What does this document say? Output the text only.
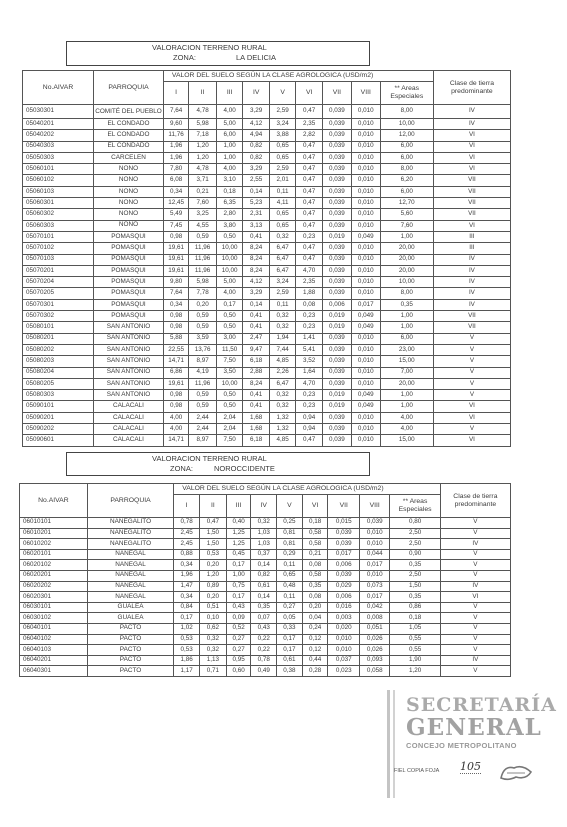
VALORACION TERRENO RURAL
ZONA:	LA DELICIA
No.AIVAR	PARROQUIA	VALOR DEL SUELO SEGÚN LA CLASE AGROLOGICA (USD/m2)									Clase de tierra predominante
		I	II	III	IV	V	VI	VII	VIII	** Areas Especiales	
05030301	COMITÉ DEL PUEBLO	7,64	4,78	4,00	3,29	2,59	0,47	0,039	0,010	8,00	IV
05040201	EL CONDADO	9,60	5,98	5,00	4,12	3,24	2,35	0,039	0,010	10,00	IV
05040202	EL CONDADO	11,76	7,18	6,00	4,94	3,88	2,82	0,039	0,010	12,00	VI
05040303	EL CONDADO	1,96	1,20	1,00	0,82	0,65	0,47	0,039	0,010	6,00	VI
05050303	CARCELEN	1,96	1,20	1,00	0,82	0,65	0,47	0,039	0,010	6,00	VI
05060101	NONO	7,80	4,78	4,00	3,29	2,59	0,47	0,039	0,010	8,00	VI
05060102	NONO	6,08	3,71	3,10	2,55	2,01	0,47	0,039	0,010	6,20	VII
05060103	NONO	0,34	0,21	0,18	0,14	0,11	0,47	0,039	0,010	6,00	VII
05060301	NONO	12,45	7,60	6,35	5,23	4,11	0,47	0,039	0,010	12,70	VII
05060302	NONO	5,49	3,25	2,80	2,31	0,65	0,47	0,039	0,010	5,60	VII
05060303	NONO	7,45	4,55	3,80	3,13	0,65	0,47	0,039	0,010	7,60	VI
05070101	POMASQUI	0,98	0,59	0,50	0,41	0,32	0,23	0,019	0,049	1,00	III
05070102	POMASQUI	19,61	11,96	10,00	8,24	6,47	0,47	0,039	0,010	20,00	III
05070103	POMASQUI	19,61	11,96	10,00	8,24	6,47	0,47	0,039	0,010	20,00	IV
05070201	POMASQUI	19,61	11,96	10,00	8,24	6,47	4,70	0,039	0,010	20,00	IV
05070204	POMASQUI	9,80	5,98	5,00	4,12	3,24	2,35	0,039	0,010	10,00	IV
05070205	POMASQUI	7,64	7,78	4,00	3,29	2,59	1,88	0,039	0,010	8,00	IV
05070301	POMASQUI	0,34	0,20	0,17	0,14	0,11	0,08	0,006	0,017	0,35	IV
05070302	POMASQUI	0,98	0,59	0,50	0,41	0,32	0,23	0,019	0,049	1,00	VII
05080101	SAN ANTONIO	0,98	0,59	0,50	0,41	0,32	0,23	0,019	0,049	1,00	VII
05080201	SAN ANTONIO	5,88	3,59	3,00	2,47	1,94	1,41	0,039	0,010	6,00	V
05080202	SAN ANTONIO	22,55	13,76	11,50	9,47	7,44	5,41	0,039	0,010	23,00	V
05080203	SAN ANTONIO	14,71	8,97	7,50	6,18	4,85	3,52	0,039	0,010	15,00	V
05080204	SAN ANTONIO	6,86	4,19	3,50	2,88	2,26	1,64	0,039	0,010	7,00	V
05080205	SAN ANTONIO	19,61	11,96	10,00	8,24	6,47	4,70	0,039	0,010	20,00	V
05080303	SAN ANTONIO	0,98	0,59	0,50	0,41	0,32	0,23	0,019	0,049	1,00	V
05090101	CALACALI	0,98	0,59	0,50	0,41	0,32	0,23	0,019	0,049	1,00	VI
05090201	CALACALI	4,00	2,44	2,04	1,68	1,32	0,94	0,039	0,010	4,00	VI
05090202	CALACALI	4,00	2,44	2,04	1,68	1,32	0,94	0,039	0,010	4,00	V
05090601	CALACALI	14,71	8,97	7,50	6,18	4,85	0,47	0,039	0,010	15,00	VI
VALORACION TERRENO RURAL
ZONA:	NOROCCIDENTE
No.AIVAR	PARROQUIA	VALOR DEL SUELO SEGÚN LA CLASE AGROLOGICA (USD/m2)									Clase de tierra predominante
		I	II	III	IV	V	VI	VII	VIII	** Areas Especiales	
06010101	NANEGALITO	0,78	0,47	0,40	0,32	0,25	0,18	0,015	0,039	0,80	V
06010201	NANEGALITO	2,45	1,50	1,25	1,03	0,81	0,58	0,039	0,010	2,50	V
06010202	NANEGALITO	2,45	1,50	1,25	1,03	0,81	0,58	0,039	0,010	2,50	IV
06020101	NANEGAL	0,88	0,53	0,45	0,37	0,29	0,21	0,017	0,044	0,90	V
06020102	NANEGAL	0,34	0,20	0,17	0,14	0,11	0,08	0,006	0,017	0,35	V
06020201	NANEGAL	1,96	1,20	1,00	0,82	0,65	0,58	0,039	0,010	2,50	V
06020202	NANEGAL	1,47	0,89	0,75	0,61	0,48	0,35	0,029	0,073	1,50	IV
06020301	NANEGAL	0,34	0,20	0,17	0,14	0,11	0,08	0,006	0,017	0,35	VI
06030101	GUALEA	0,84	0,51	0,43	0,35	0,27	0,20	0,016	0,042	0,86	V
06030102	GUALEA	0,17	0,10	0,09	0,07	0,05	0,04	0,003	0,008	0,18	V
06040101	PACTO	1,02	0,62	0,52	0,43	0,33	0,24	0,020	0,051	1,05	V
06040102	PACTO	0,53	0,32	0,27	0,22	0,17	0,12	0,010	0,026	0,55	V
06040103	PACTO	0,53	0,32	0,27	0,22	0,17	0,12	0,010	0,026	0,55	V
06040201	PACTO	1,86	1,13	0,95	0,78	0,61	0,44	0,037	0,093	1,90	IV
06040301	PACTO	1,17	0,71	0,60	0,49	0,38	0,28	0,023	0,058	1,20	V
SECRETARÍA
GENERAL
CONCEJO METROPOLITANO
FIEL COPIA FOJA 105
